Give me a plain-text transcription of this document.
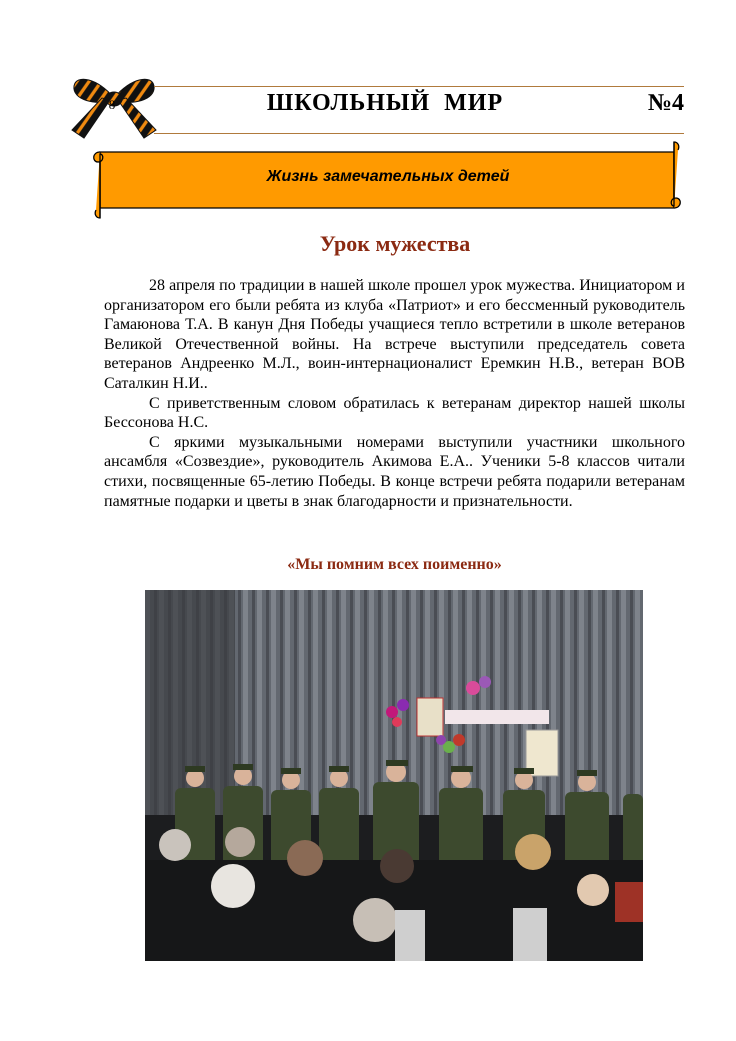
8	ШКОЛЬНЫЙ  МИР	№4
Жизнь замечательных детей
Урок мужества

28 апреля по традиции в нашей школе прошел урок мужества. Инициатором и организатором его были ребята из клуба «Патриот» и его бессменный руководитель Гамаюнова Т.А. В канун Дня Победы учащиеся тепло встретили в школе ветеранов Великой Отечественной войны. На встрече выступили председатель совета ветеранов Андреенко М.Л., воин-интернационалист Еремкин Н.В., ветеран ВОВ Саталкин Н.И..

С приветственным словом обратилась к ветеранам директор нашей школы Бессонова Н.С.

С яркими музыкальными номерами выступили участники школьного ансамбля «Созвездие», руководитель Акимова Е.А.. Ученики 5-8 классов читали стихи, посвященные 65-летию Победы. В конце встречи ребята подарили ветеранам памятные подарки и цветы в знак благодарности и признательности.

«Мы помним всех поименно»
